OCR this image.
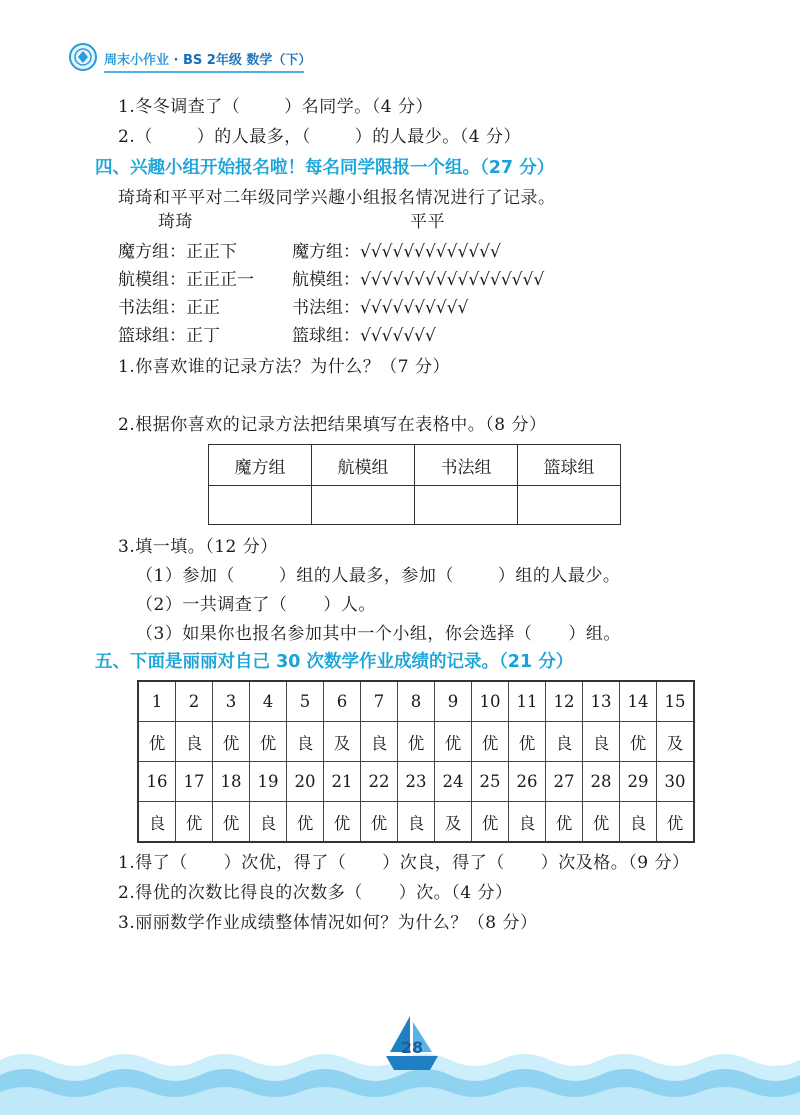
周末小作业 · BS 2年级 数学（下）
1.冬冬调查了（	）名同学。（4 分）
2.（	）的人最多，（	）的人最少。（4 分）
四、兴趣小组开始报名啦！每名同学限报一个组。（27 分）
琦琦和平平对二年级同学兴趣小组报名情况进行了记录。
琦琦	平平
魔方组：正正下	魔方组：√√√√√√√√√√√√√
航模组：正正正一 航模组：√√√√√√√√√√√√√√√√√
书法组：正正	书法组：√√√√√√√√√√
篮球组：正丁	篮球组：√√√√√√√
1.你喜欢谁的记录方法？为什么？（7 分）
2.根据你喜欢的记录方法把结果填写在表格中。（8 分）
魔方组	航模组	书法组	篮球组

3.填一填。（12 分）
（1）参加（	）组的人最多，参加（	）组的人最少。
（2）一共调查了（ ）人。
（3）如果你也报名参加其中一个小组，你会选择（ ）组。
五、下面是丽丽对自己 30 次数学作业成绩的记录。（21 分）
1	2	3	4	5	6	7	8	9	10	11	12	13	14	15
优	良	优	优	良	及	良	优	优	优	优	良	良	优	及
16	17	18	19	20	21	22	23	24	25	26	27	28	29	30
良	优	优	良	优	优	优	良	及	优	良	优	优	良	优
1.得了（ ）次优，得了（ ）次良，得了（ ）次及格。（9 分）
2.得优的次数比得良的次数多（ ）次。（4 分）
3.丽丽数学作业成绩整体情况如何？为什么？（8 分）
28
